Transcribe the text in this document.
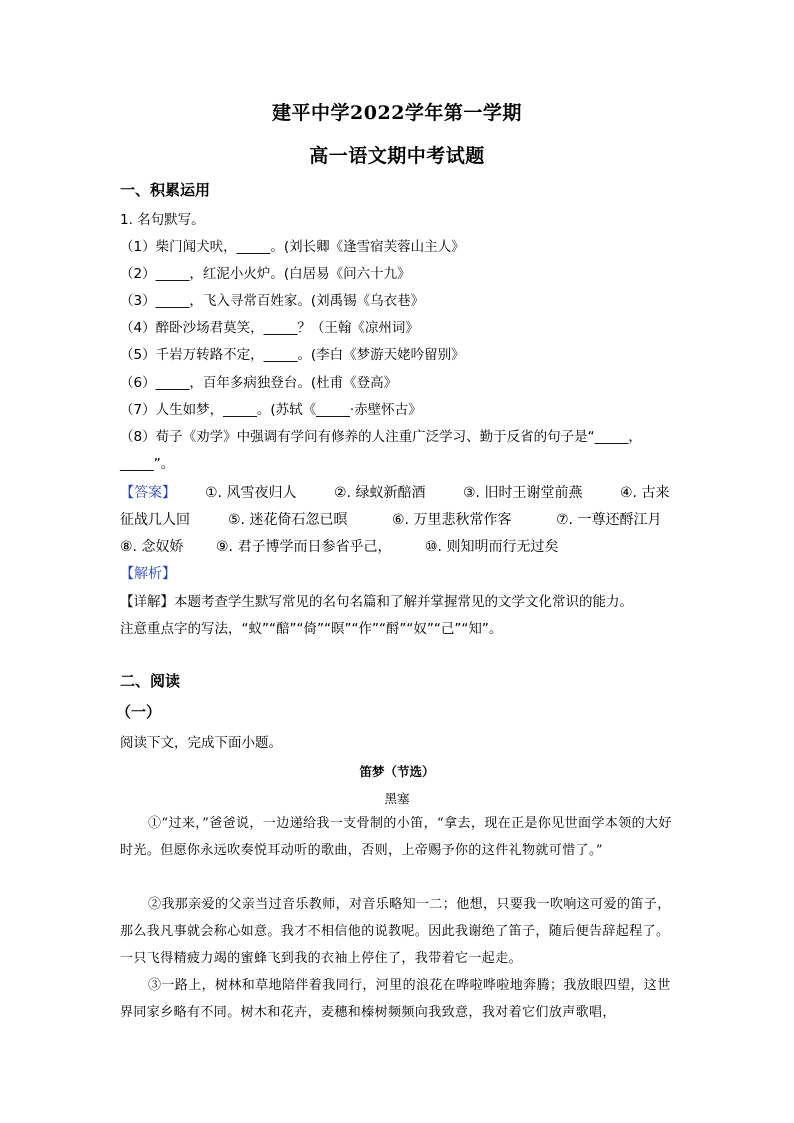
建平中学2022学年第一学期
高一语文期中考试题
一、积累运用
1. 名句默写。
（1）柴门闻犬吠，_____。(刘长卿《逢雪宿芙蓉山主人》
（2）_____，红泥小火炉。(白居易《问六十九》
（3）_____，飞入寻常百姓家。(刘禹锡《乌衣巷》
（4）醉卧沙场君莫笑，_____？（王翰《凉州词》
（5）千岩万转路不定，_____。(李白《梦游天姥吟留别》
（6）_____，百年多病独登台。(杜甫《登高》
（7）人生如梦，_____。(苏轼《_____·赤壁怀古》
（8）荀子《劝学》中强调有学问有修养的人注重广泛学习、勤于反省的句子是“_____，
_____”。
【答案】 ①. 风雪夜归人	②. 绿蚁新醅酒	③. 旧时王谢堂前燕	④. 古来
征战几人回	⑤. 迷花倚石忽已暝	⑥. 万里悲秋常作客	⑦. 一尊还酹江月
⑧. 念奴娇 ⑨. 君子博学而日参省乎己， ⑩. 则知明而行无过矣
【解析】
【详解】本题考查学生默写常见的名句名篇和了解并掌握常见的文学文化常识的能力。
注意重点字的写法，“蚁”“醅”“倚”“暝”“作”“酹”“奴”“己”“知”。
二、阅读
（一）
阅读下文，完成下面小题。
笛梦（节选）
黑塞
①“过来，”爸爸说，一边递给我一支骨制的小笛，“拿去，现在正是你见世面学本领的大好时光。但愿你永远吹奏悦耳动听的歌曲，否则，上帝赐予你的这件礼物就可惜了。”
②我那亲爱的父亲当过音乐教师，对音乐略知一二；他想，只要我一吹响这可爱的笛子，那么我凡事就会称心如意。我才不相信他的说教呢。因此我谢绝了笛子，随后便告辞起程了。一只飞得精疲力竭的蜜蜂飞到我的衣袖上停住了，我带着它一起走。
③一路上，树林和草地陪伴着我同行，河里的浪花在哗啦哗啦地奔腾；我放眼四望，这世界同家乡略有不同。树木和花卉，麦穗和榛树频频向我致意，我对着它们放声歌唱，
